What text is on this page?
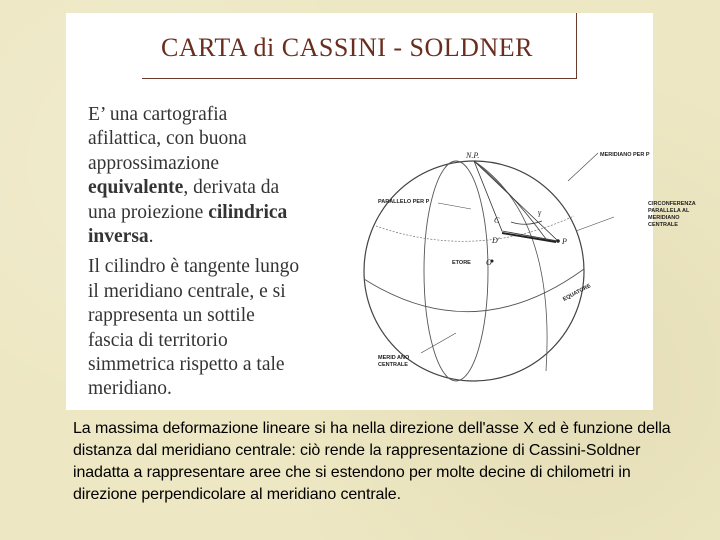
CARTA di CASSINI - SOLDNER

E’ una cartografia afilattica, con buona approssimazione equivalente, derivata da una proiezione cilindrica inversa.

Il cilindro è tangente lungo il meridiano centrale, e si rappresenta un sottile fascia di territorio simmetrica rispetto a tale meridiano.

MERIDIANO PER P
PARALLELO PER P	CIRCONFERENZA
PARALLELA AL
MERIDIANO
CENTRALE
ETORE
EQUATORE
MERID ANO
CENTRALE
N.P.
C
γ
D'	P
O

La massima deformazione lineare si ha nella direzione dell'asse X ed è funzione della distanza dal meridiano centrale: ciò rende la rappresentazione di Cassini-Soldner inadatta a rappresentare aree che si estendono per molte decine di chilometri in direzione perpendicolare al meridiano centrale.
